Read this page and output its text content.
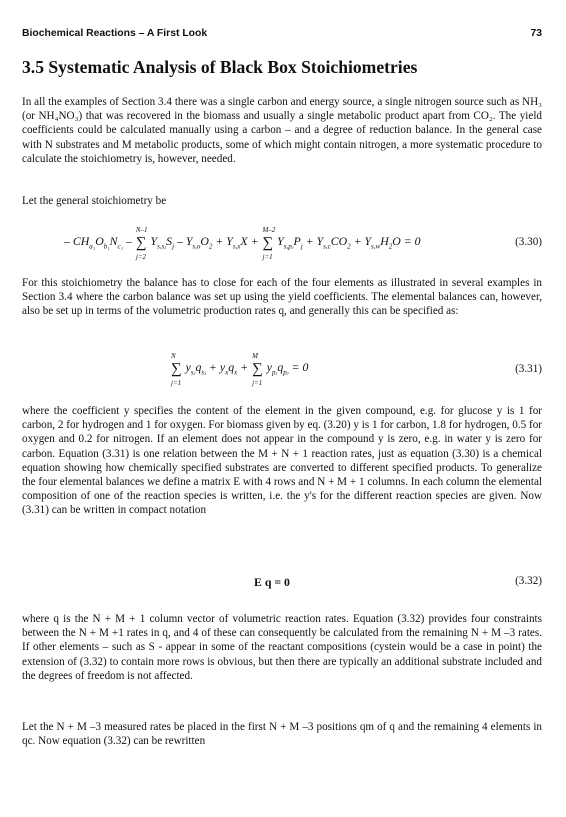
Biochemical Reactions – A First Look	73
3.5 Systematic Analysis of Black Box Stoichiometries

In all the examples of Section 3.4 there was a single carbon and energy source, a single nitrogen source such as NH₃ (or NH₄NO₃) that was recovered in the biomass and usually a single metabolic product apart from CO₂. The yield coefficients could be calculated manually using a carbon – and a degree of reduction balance. In the general case with N substrates and M metabolic products, some of which might contain nitrogen, a more systematic procedure to calculate the stoichiometry is, however, needed.

Let the general stoichiometry be

– $CH_{a_1}O_{b_1}N_{c_1}$ – ∑
N–1
j=2
$Y_{s,sⱼ}S_j - Y_{s,o}O_2 + Y_{s,x}X$ + ∑
M–2
j=1
$Y_{s,pⱼ}P_j + Y_{s,c}CO_2 + Y_{s,w}H_2O = 0$	(3.30)

For this stoichiometry the balance has to close for each of the four elements as illustrated in several examples in Section 3.4 where the carbon balance was set up using the yield coefficients. The elemental balances can, however, also be set up in terms of the volumetric production rates q, and generally this can be specified as:

∑
N
j=1
$y_{sⱼ}q_{sⱼ} + y_xq_x$ + ∑
M
j=1
$y_{pⱼ}q_{pⱼ} = 0$	(3.31)

where the coefficient y specifies the content of the element in the given compound, e.g. for glucose y is 1 for carbon, 2 for hydrogen and 1 for oxygen. For biomass given by eq. (3.20) y is 1 for carbon, 1.8 for hydrogen, 0.5 for oxygen and 0.2 for nitrogen. If an element does not appear in the compound y is zero, e.g. in water y is zero for carbon. Equation (3.31) is one relation between the M + N + 1 reaction rates, just as equation (3.30) is a chemical equation showing how chemically specified substrates are converted to different specified products. To generalize the four elemental balances we define a matrix E with 4 rows and N + M + 1 columns. In each column the elemental composition of one of the reaction species is written, i.e. the y's for the different reaction species are given. Now (3.31) can be written in compact notation

E q = 0	(3.32)

where q is the N + M + 1 column vector of volumetric reaction rates. Equation (3.32) provides four constraints between the N + M +1 rates in q, and 4 of these can consequently be calculated from the remaining N + M –3 rates. If other elements – such as S - appear in some of the reactant compositions (cystein would be a case in point) the extension of (3.32) to contain more rows is obvious, but then there are typically an additional substrate included and the degrees of freedom is not affected.

Let the N + M –3 measured rates be placed in the first N + M –3 positions qm of q and the remaining 4 elements in qc. Now equation (3.32) can be rewritten
